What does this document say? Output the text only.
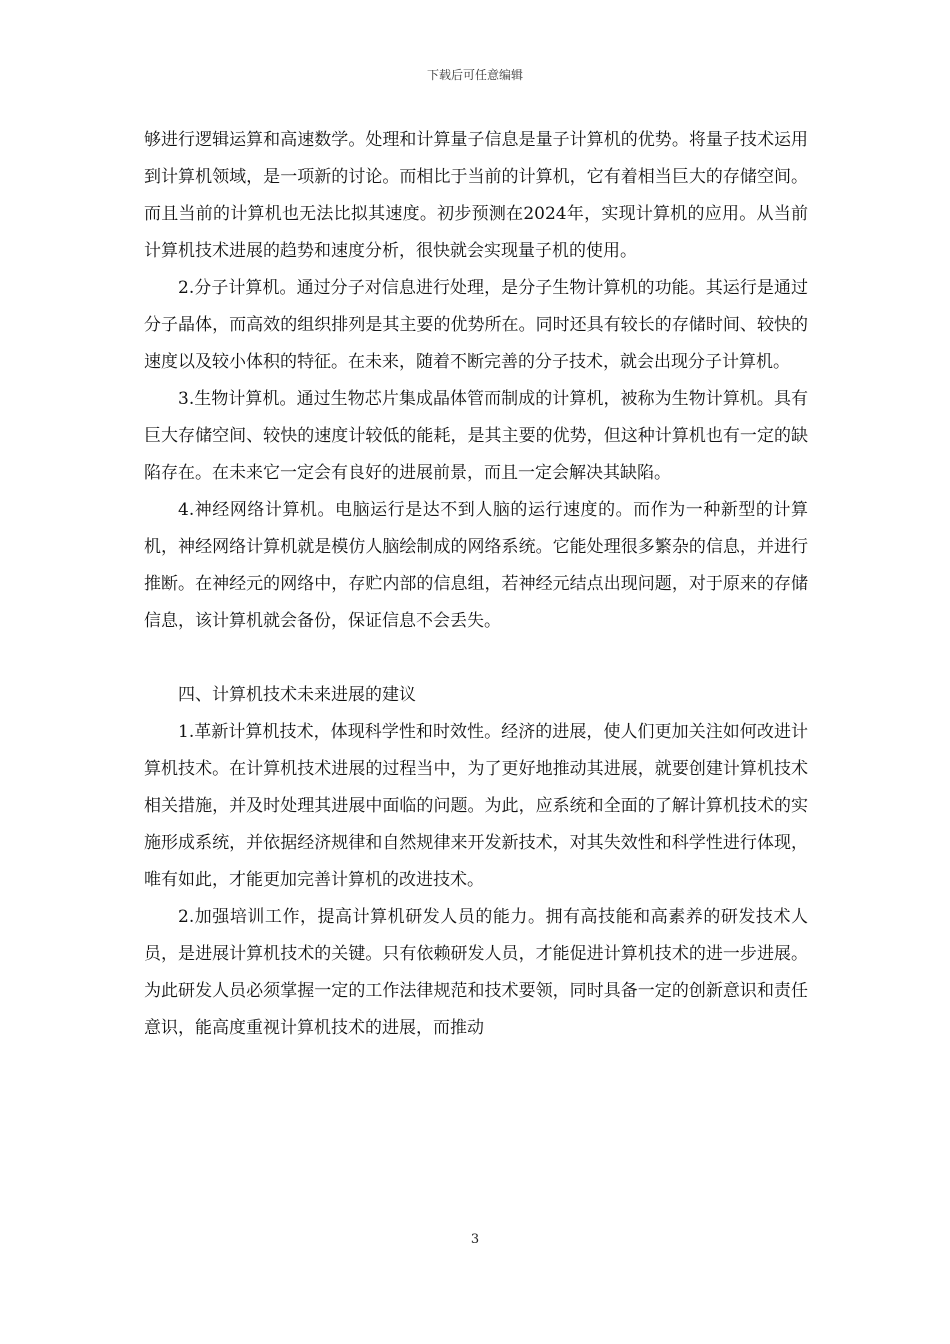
下载后可任意编辑

够进行逻辑运算和高速数学。处理和计算量子信息是量子计算机的优势。将量子技术运用到计算机领域，是一项新的讨论。而相比于当前的计算机，它有着相当巨大的存储空间。而且当前的计算机也无法比拟其速度。初步预测在2024年，实现计算机的应用。从当前计算机技术进展的趋势和速度分析，很快就会实现量子机的使用。

2.分子计算机。通过分子对信息进行处理，是分子生物计算机的功能。其运行是通过分子晶体，而高效的组织排列是其主要的优势所在。同时还具有较长的存储时间、较快的速度以及较小体积的特征。在未来，随着不断完善的分子技术，就会出现分子计算机。

3.生物计算机。通过生物芯片集成晶体管而制成的计算机，被称为生物计算机。具有巨大存储空间、较快的速度计较低的能耗，是其主要的优势，但这种计算机也有一定的缺陷存在。在未来它一定会有良好的进展前景，而且一定会解决其缺陷。

4.神经网络计算机。电脑运行是达不到人脑的运行速度的。而作为一种新型的计算机，神经网络计算机就是模仿人脑绘制成的网络系统。它能处理很多繁杂的信息，并进行推断。在神经元的网络中，存贮内部的信息组，若神经元结点出现问题，对于原来的存储信息，该计算机就会备份，保证信息不会丢失。

四、计算机技术未来进展的建议

1.革新计算机技术，体现科学性和时效性。经济的进展，使人们更加关注如何改进计算机技术。在计算机技术进展的过程当中，为了更好地推动其进展，就要创建计算机技术相关措施，并及时处理其进展中面临的问题。为此，应系统和全面的了解计算机技术的实施形成系统，并依据经济规律和自然规律来开发新技术，对其失效性和科学性进行体现，唯有如此，才能更加完善计算机的改进技术。

2.加强培训工作，提高计算机研发人员的能力。拥有高技能和高素养的研发技术人员，是进展计算机技术的关键。只有依赖研发人员，才能促进计算机技术的进一步进展。为此研发人员必须掌握一定的工作法律规范和技术要领，同时具备一定的创新意识和责任意识，能高度重视计算机技术的进展，而推动

3
